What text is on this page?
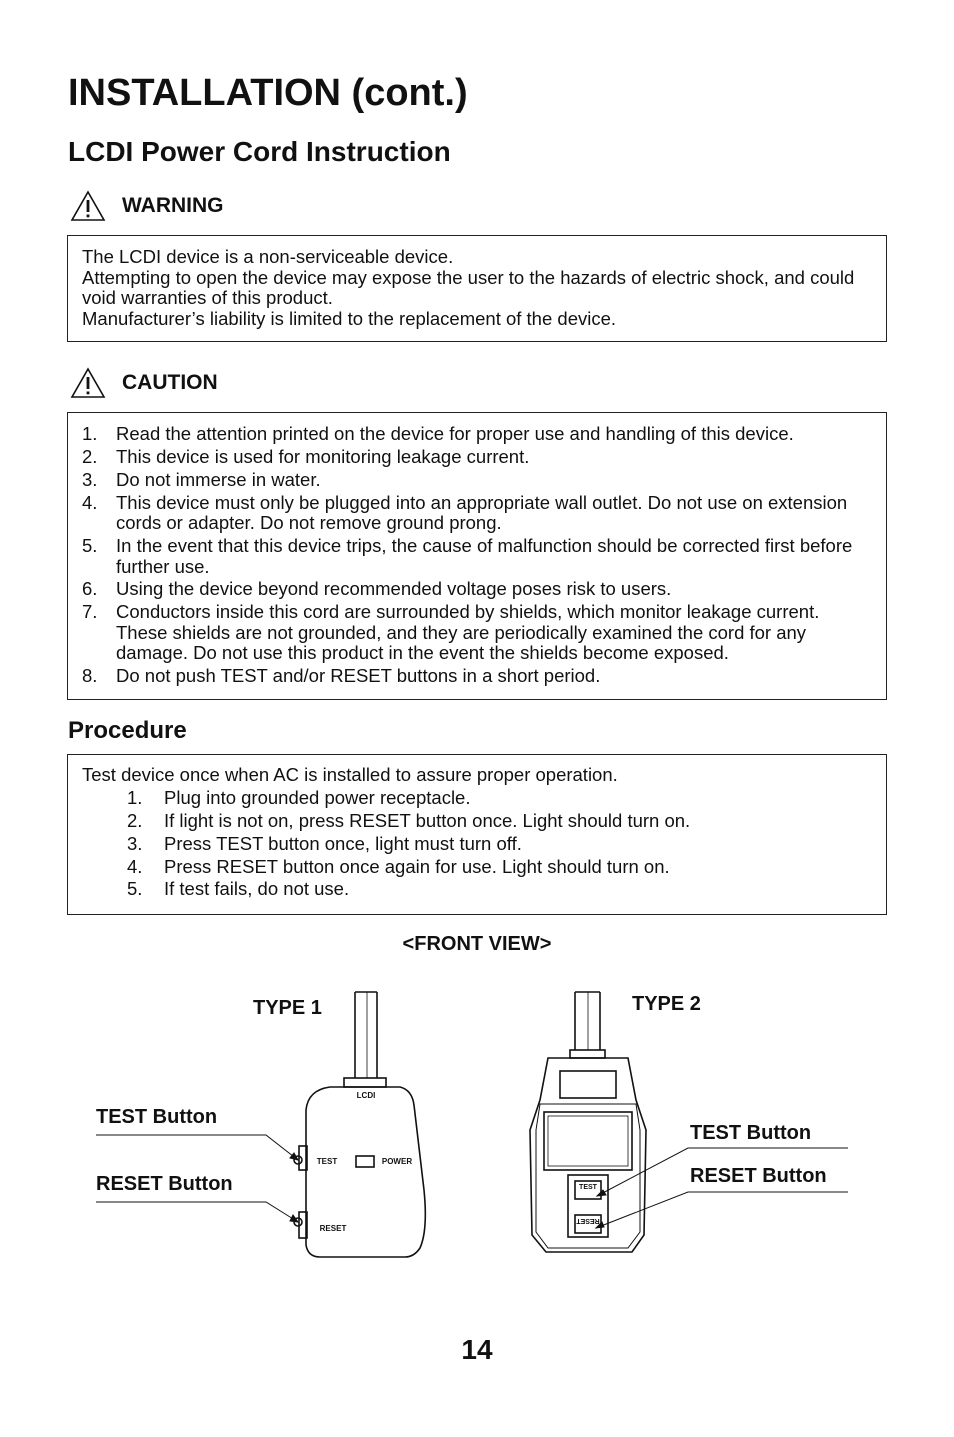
INSTALLATION (cont.)
LCDI Power Cord Instruction
WARNING

The LCDI device is a non-serviceable device.

Attempting to open the device may expose the user to the hazards of electric shock, and could void warranties of this product.

Manufacturer’s liability is limited to the replacement of the device.

CAUTION
1.	Read the attention printed on the device for proper use and handling of this device.
2.	This device is used for monitoring leakage current.
3.	Do not immerse in water.
4.	This device must only be plugged into an appropriate wall outlet. Do not use on extension cords or adapter. Do not remove ground prong.
5.	In the event that this device trips, the cause of malfunction should be corrected first before further use.
6.	Using the device beyond recommended voltage poses risk to users.
7.	Conductors inside this cord are surrounded by shields, which monitor leakage current. These shields are not grounded, and they are periodically examined the cord for any damage. Do not use this product in the event the shields become exposed.
8.	Do not push TEST and/or RESET buttons in a short period.
Procedure
Test device once when AC is installed to assure proper operation.
1.	Plug into grounded power receptacle.
2.	If light is not on, press RESET button once. Light should turn on.
3.	Press TEST button once, light must turn off.
4.	Press RESET button once again for use. Light should turn on.
5.	If test fails, do not use.
<FRONT VIEW>
TYPE 1	TYPE 2
TEST Button
RESET Button
TEST Button
RESET Button
LCDI
TEST	POWER
RESET
TEST
RESET
14
